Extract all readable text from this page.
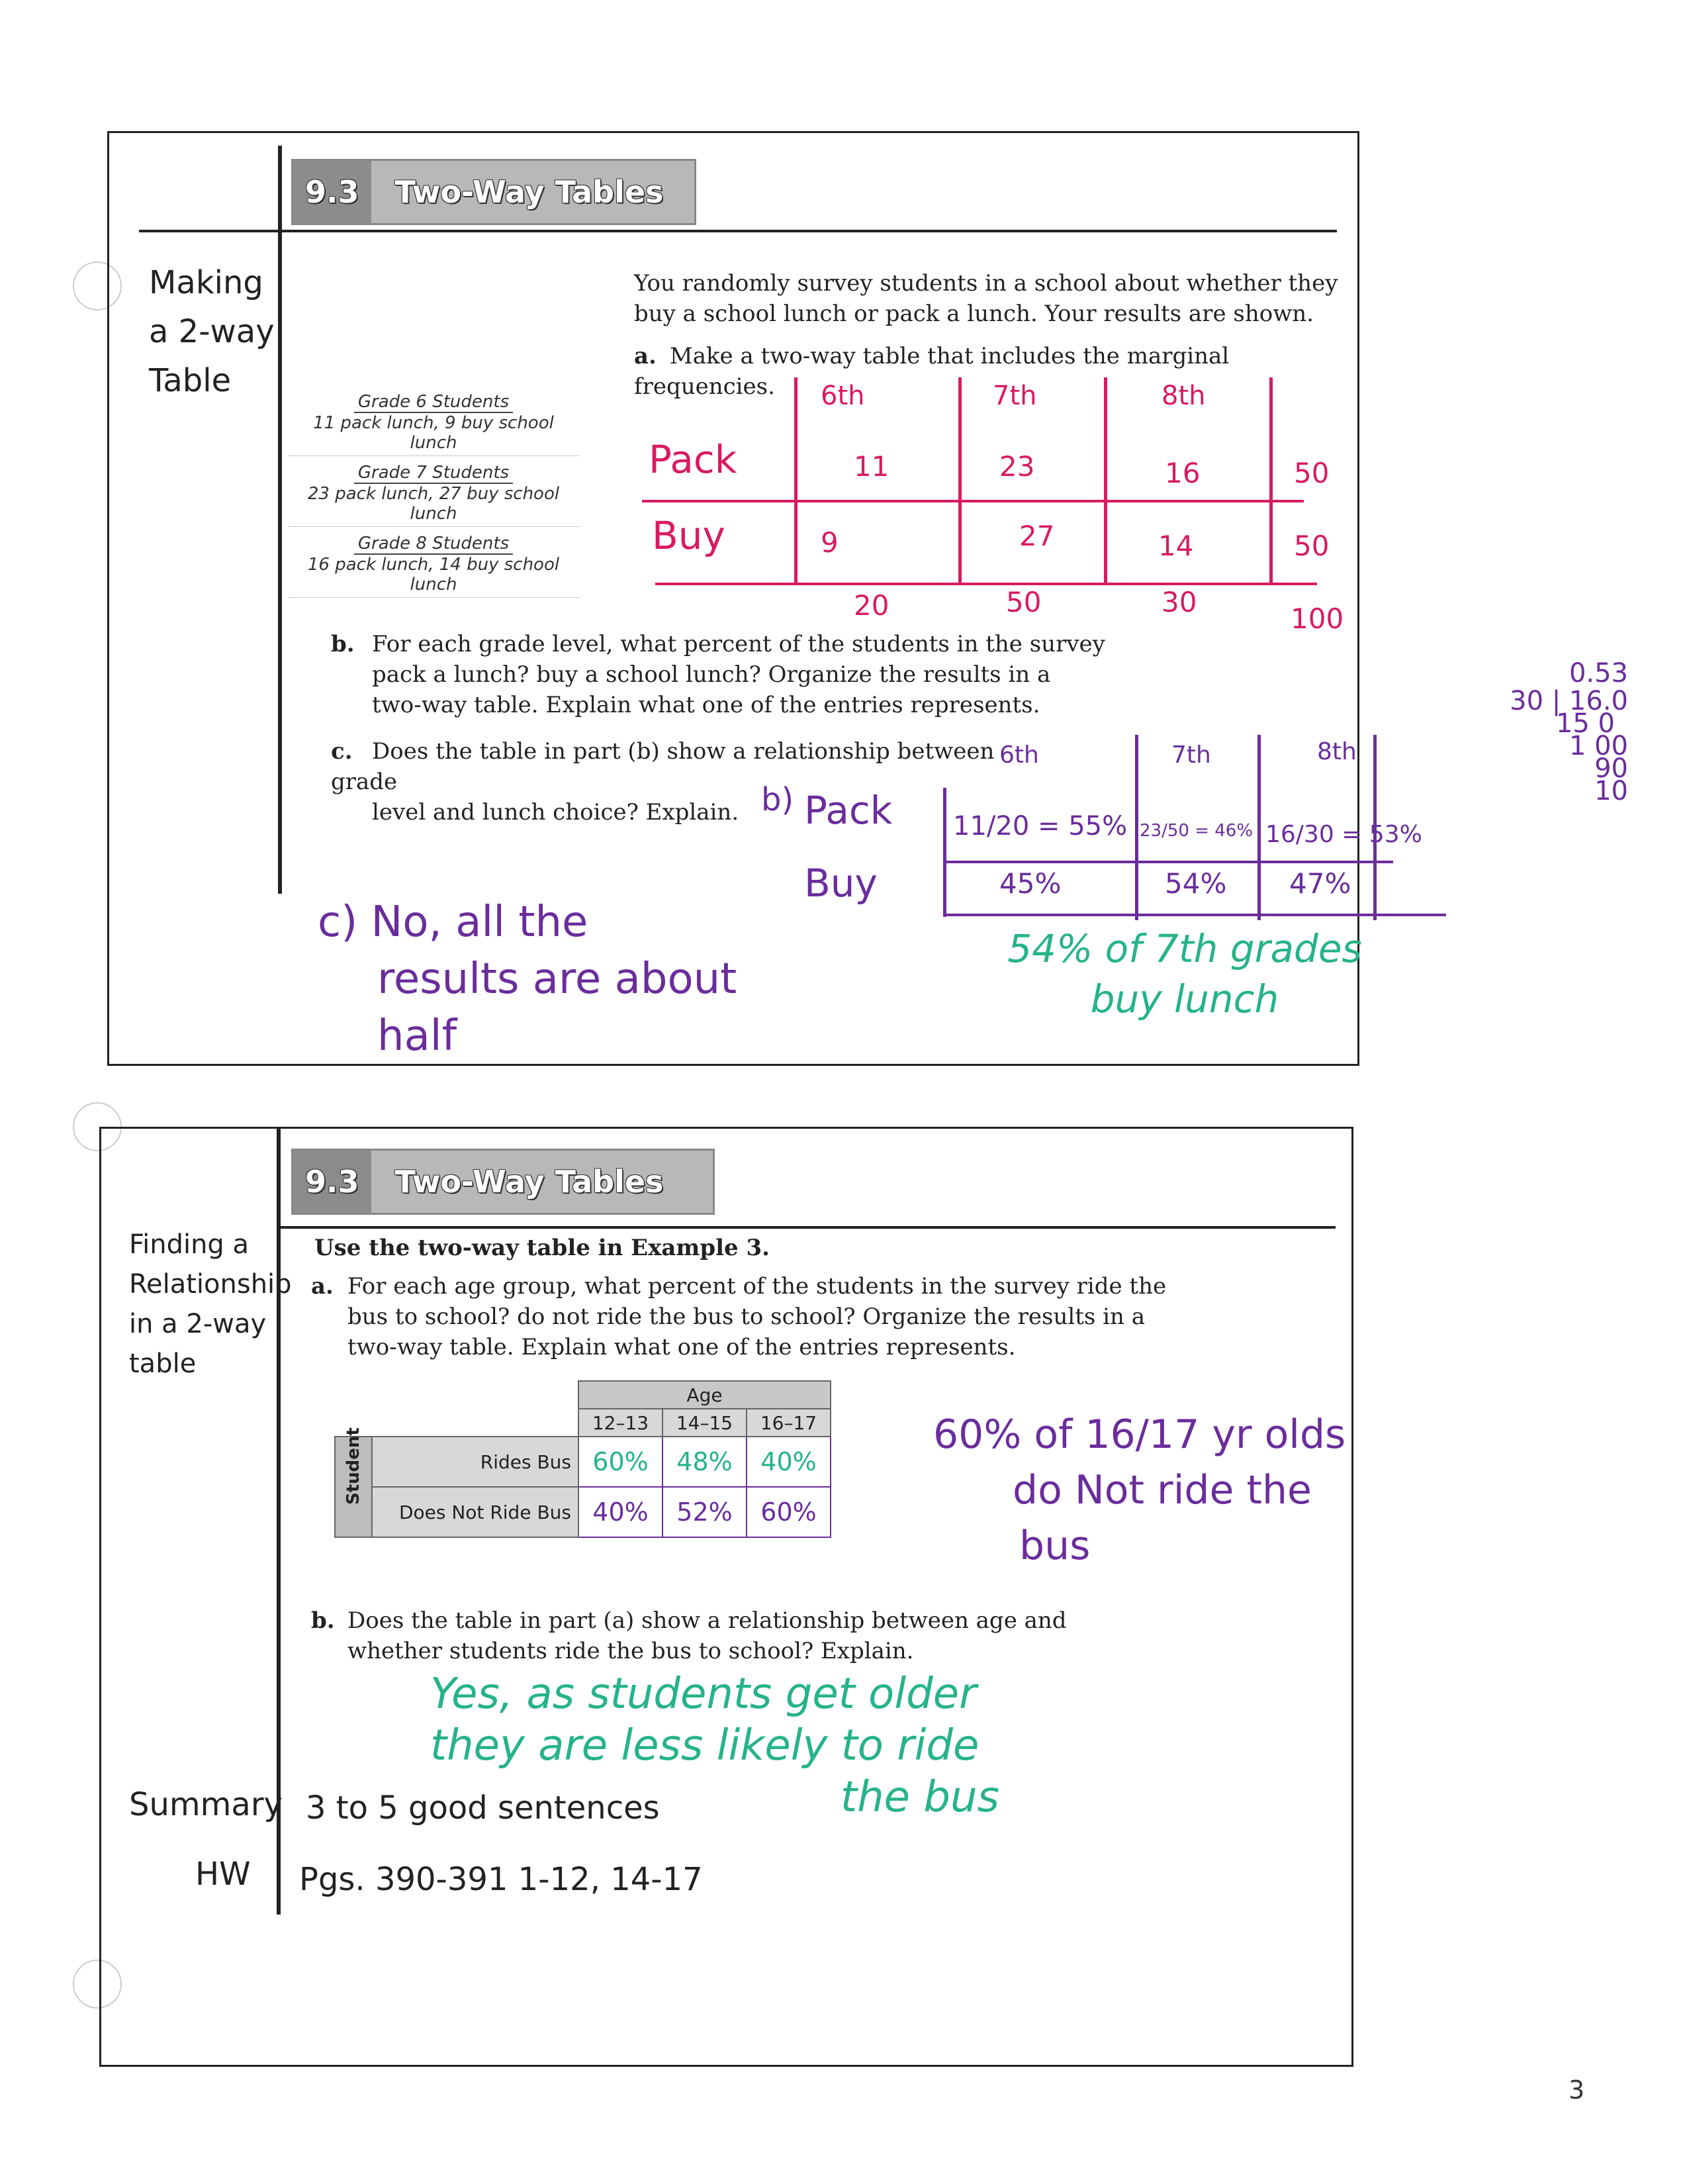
9.3	Two-Way Tables
Making
a 2-way
Table
You randomly survey students in a school about whether they
buy a school lunch or pack a lunch. Your results are shown.
a. Make a two-way table that includes the marginal frequencies.
Grade 6 Students
11 pack lunch, 9 buy school lunch
Grade 7 Students
23 pack lunch, 27 buy school lunch
Grade 8 Students
16 pack lunch, 14 buy school lunch
6th	7th	8th
Pack	11	23	16	50
Buy	9	27	14	50
20	50	30
100
b. For each grade level, what percent of the students in the survey
pack a lunch? buy a school lunch? Organize the results in a
two-way table. Explain what one of the entries represents.
c. Does the table in part (b) show a relationship between grade
level and lunch choice? Explain. b)
6th	7th	8th
Pack 11/20 = 55% 23/50 = 46% 16/30 = 53%
Buy	45%	54% 47%
0.53
30 | 16.0
15 0
1 00
90
10
54% of 7th grades
buy lunch
c) No, all the
results are about
half
9.3	Two-Way Tables
Finding a
Relationship
in a 2-way
table
Use the two-way table in Example 3.
a. For each age group, what percent of the students in the survey ride the
bus to school? do not ride the bus to school? Organize the results in a
two-way table. Explain what one of the entries represents.
		Age		
		12–13	14–15	16–17

Student	Rides Bus	60%	48%	40%
	Does Not Ride Bus	40%	52%	60%
60% of 16/17 yr olds
do Not ride the
bus
b. Does the table in part (a) show a relationship between age and
whether students ride the bus to school? Explain.
Yes, as students get older
they are less likely to ride
the bus
Summary 3 to 5 good sentences
HW Pgs. 390-391 1-12, 14-17
3
